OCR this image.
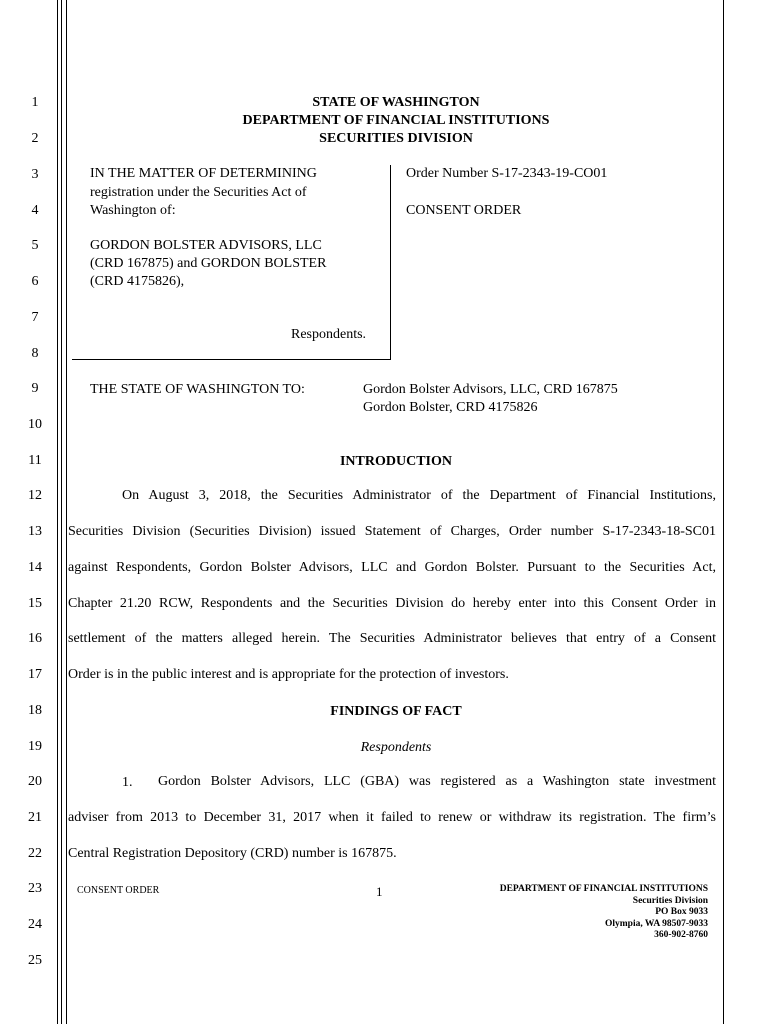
1
2
3
4
5
6
7
8
9
10
11
12
13
14
15
16
17
18
19
20
21
22
23
24
25
STATE OF WASHINGTON
DEPARTMENT OF FINANCIAL INSTITUTIONS
SECURITIES DIVISION
IN THE MATTER OF DETERMINING
registration under the Securities Act of
Washington of:
GORDON BOLSTER ADVISORS, LLC
(CRD 167875) and GORDON BOLSTER
(CRD 4175826),
Respondents.
Order Number S-17-2343-19-CO01
CONSENT ORDER
THE STATE OF WASHINGTON TO:	Gordon Bolster Advisors, LLC, CRD 167875
Gordon Bolster, CRD 4175826
INTRODUCTION
On August 3, 2018, the Securities Administrator of the Department of Financial Institutions,
Securities Division (Securities Division) issued Statement of Charges, Order number S-17-2343-18-SC01
against Respondents, Gordon Bolster Advisors, LLC and Gordon Bolster. Pursuant to the Securities Act,
Chapter 21.20 RCW, Respondents and the Securities Division do hereby enter into this Consent Order in
settlement of the matters alleged herein. The Securities Administrator believes that entry of a Consent
Order is in the public interest and is appropriate for the protection of investors.
FINDINGS OF FACT
Respondents
1. Gordon Bolster Advisors, LLC (GBA) was registered as a Washington state investment
adviser from 2013 to December 31, 2017 when it failed to renew or withdraw its registration. The firm’s
Central Registration Depository (CRD) number is 167875.
CONSENT ORDER	1	DEPARTMENT OF FINANCIAL INSTITUTIONS
Securities Division
PO Box 9033
Olympia, WA 98507-9033
360-902-8760
